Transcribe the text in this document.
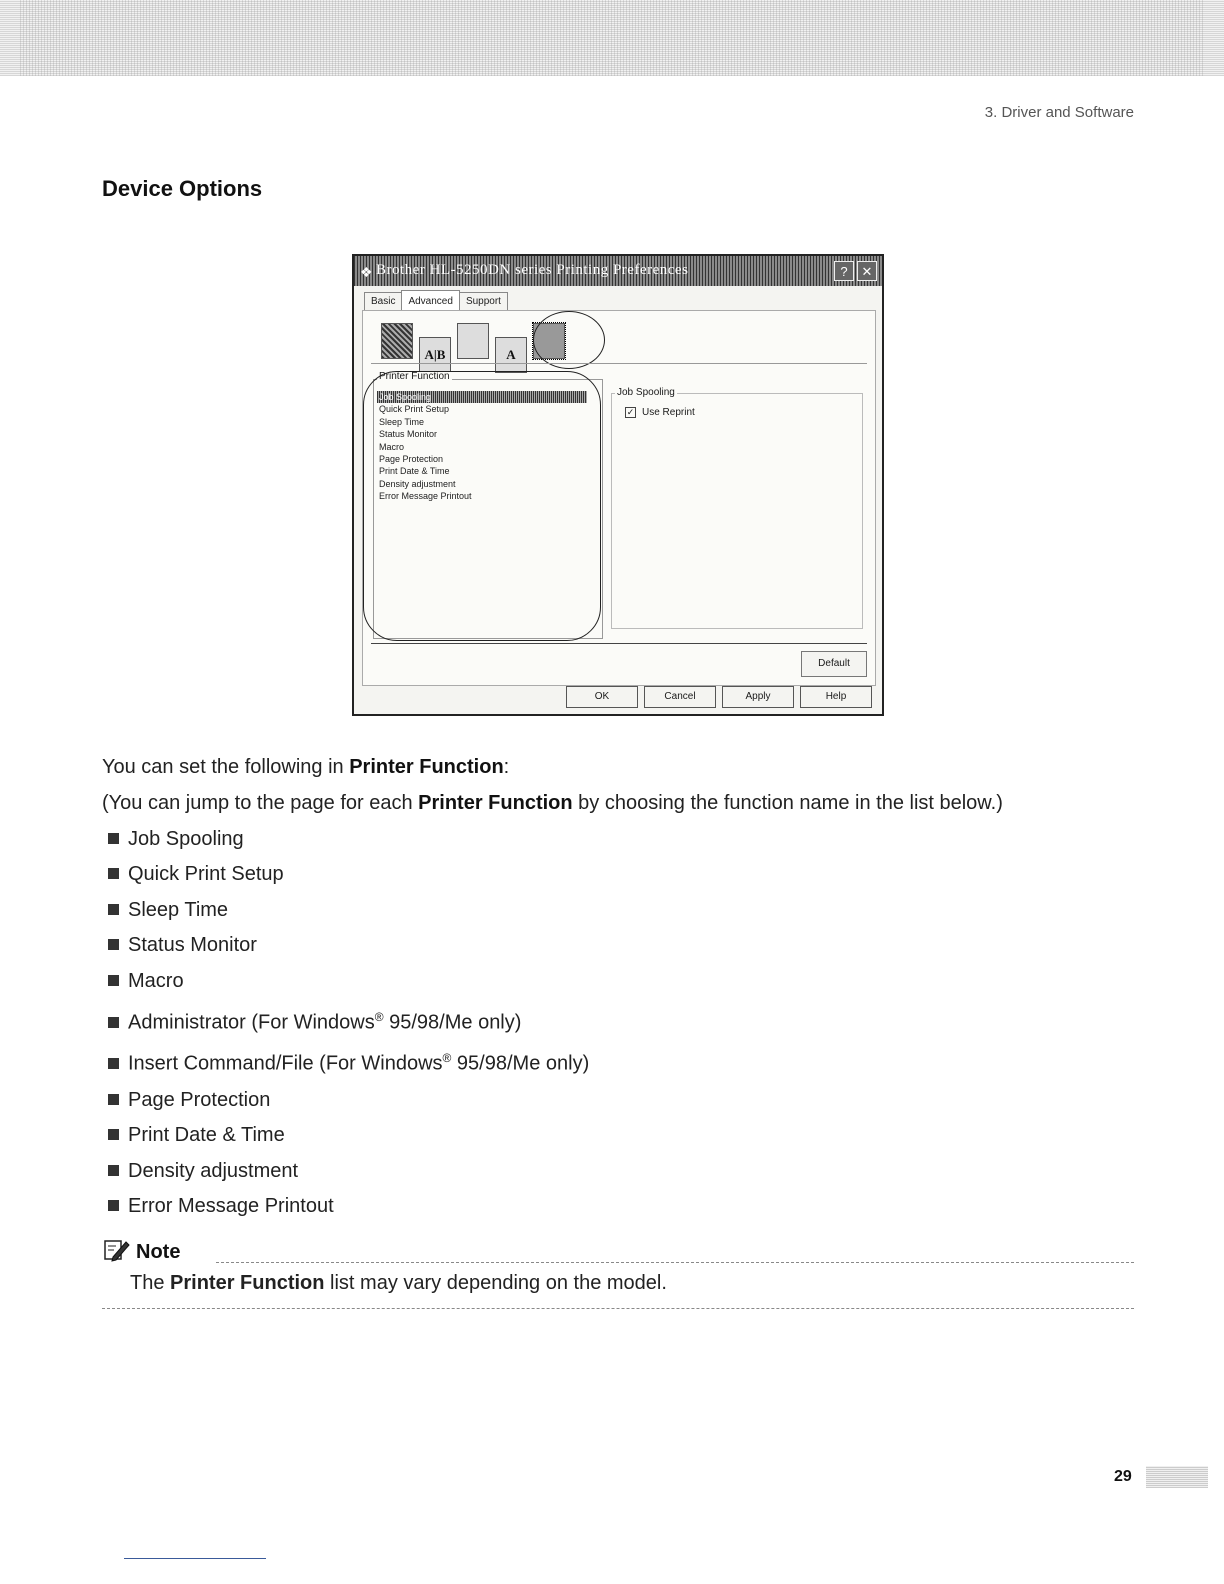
3. Driver and Software
Device Options
❖ Brother HL-5250DN series Printing Preferences	?	✕
Basic Advanced Support
A|B	A
Printer Function
Job Spooling
Quick Print Setup
Sleep Time
Status Monitor
Macro
Page Protection
Print Date & Time
Density adjustment
Error Message Printout
Job Spooling
✓ Use Reprint
Default
OK	Cancel	Apply	Help
You can set the following in Printer Function:
(You can jump to the page for each Printer Function by choosing the function name in the list below.)
Job Spooling
Quick Print Setup
Sleep Time
Status Monitor
Macro
Administrator (For Windows® 95/98/Me only)
Insert Command/File (For Windows® 95/98/Me only)
Page Protection
Print Date & Time
Density adjustment
Error Message Printout
Note
The Printer Function list may vary depending on the model.
29
